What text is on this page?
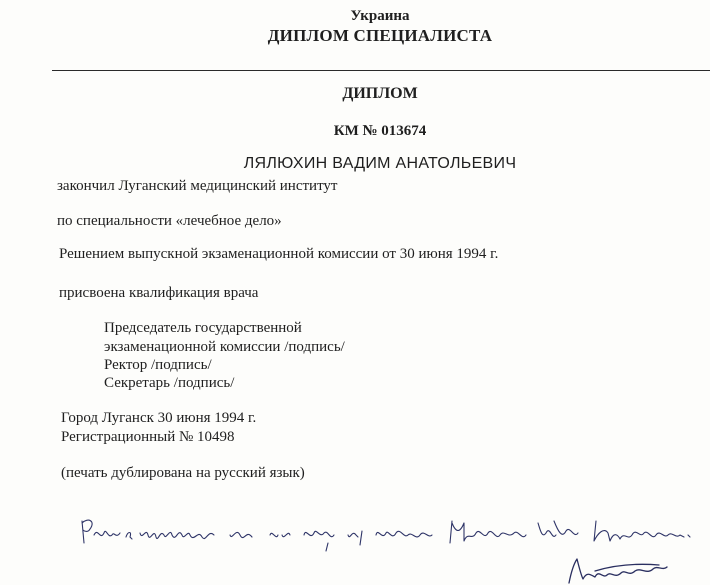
Украина
ДИПЛОМ СПЕЦИАЛИСТА
ДИПЛОМ
КМ № 013674
ЛЯЛЮХИН ВАДИМ АНАТОЛЬЕВИЧ
закончил Луганский медицинский институт
по специальности «лечебное дело»
Решением выпускной экзаменационной комиссии от 30 июня 1994 г.
присвоена квалификация врача
Председатель государственной
экзаменационной комиссии /подпись/
Ректор /подпись/
Секретарь /подпись/
Город Луганск 30 июня 1994 г.
Регистрационный № 10498
(печать дублирована на русский язык)
